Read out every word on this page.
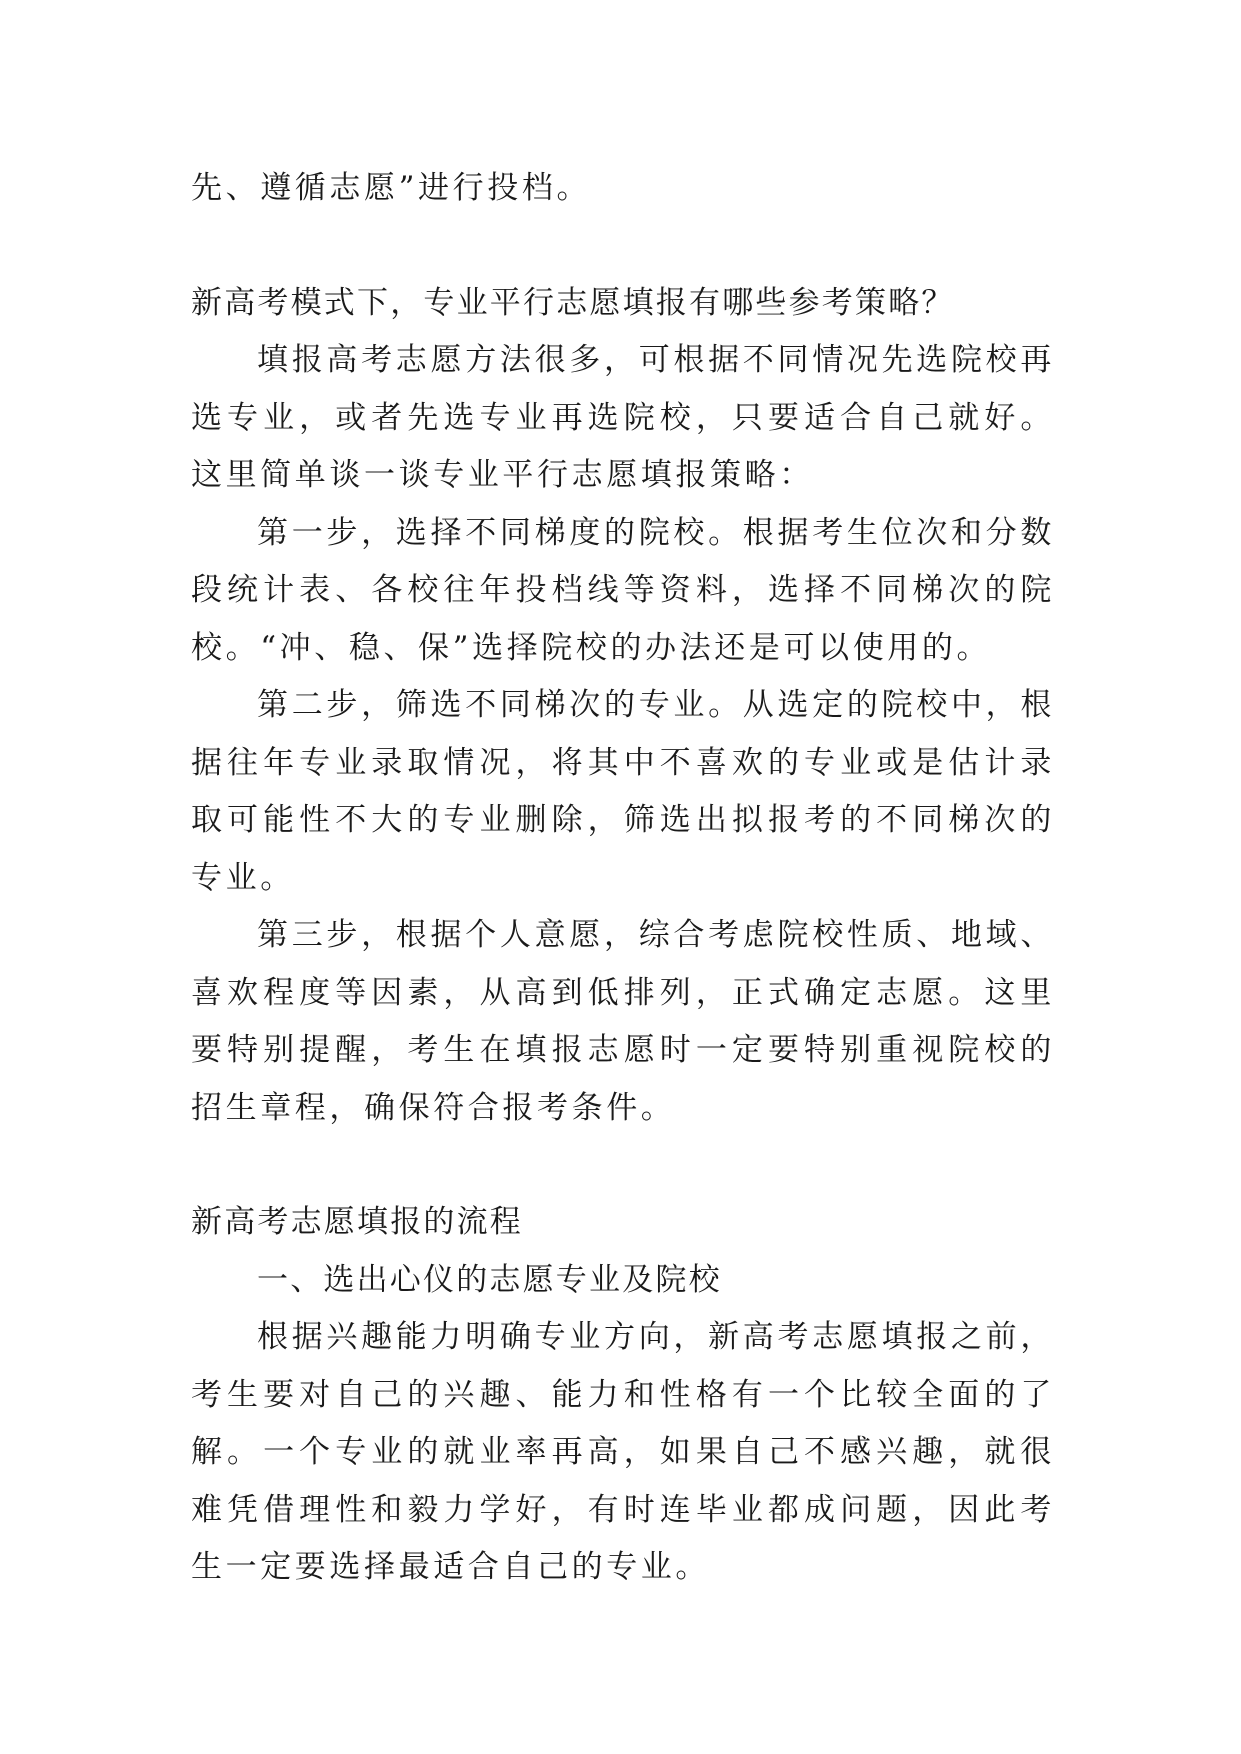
先、遵循志愿”进行投档。

新高考模式下，专业平行志愿填报有哪些参考策略？

填报高考志愿方法很多，可根据不同情况先选院校再选专业，或者先选专业再选院校，只要适合自己就好。这里简单谈一谈专业平行志愿填报策略：

第一步，选择不同梯度的院校。根据考生位次和分数段统计表、各校往年投档线等资料，选择不同梯次的院校。“冲、稳、保”选择院校的办法还是可以使用的。

第二步，筛选不同梯次的专业。从选定的院校中，根据往年专业录取情况，将其中不喜欢的专业或是估计录取可能性不大的专业删除，筛选出拟报考的不同梯次的专业。

第三步，根据个人意愿，综合考虑院校性质、地域、喜欢程度等因素，从高到低排列，正式确定志愿。这里要特别提醒，考生在填报志愿时一定要特别重视院校的招生章程，确保符合报考条件。

新高考志愿填报的流程

一、选出心仪的志愿专业及院校

根据兴趣能力明确专业方向，新高考志愿填报之前，考生要对自己的兴趣、能力和性格有一个比较全面的了解。一个专业的就业率再高，如果自己不感兴趣，就很难凭借理性和毅力学好，有时连毕业都成问题，因此考生一定要选择最适合自己的专业。
